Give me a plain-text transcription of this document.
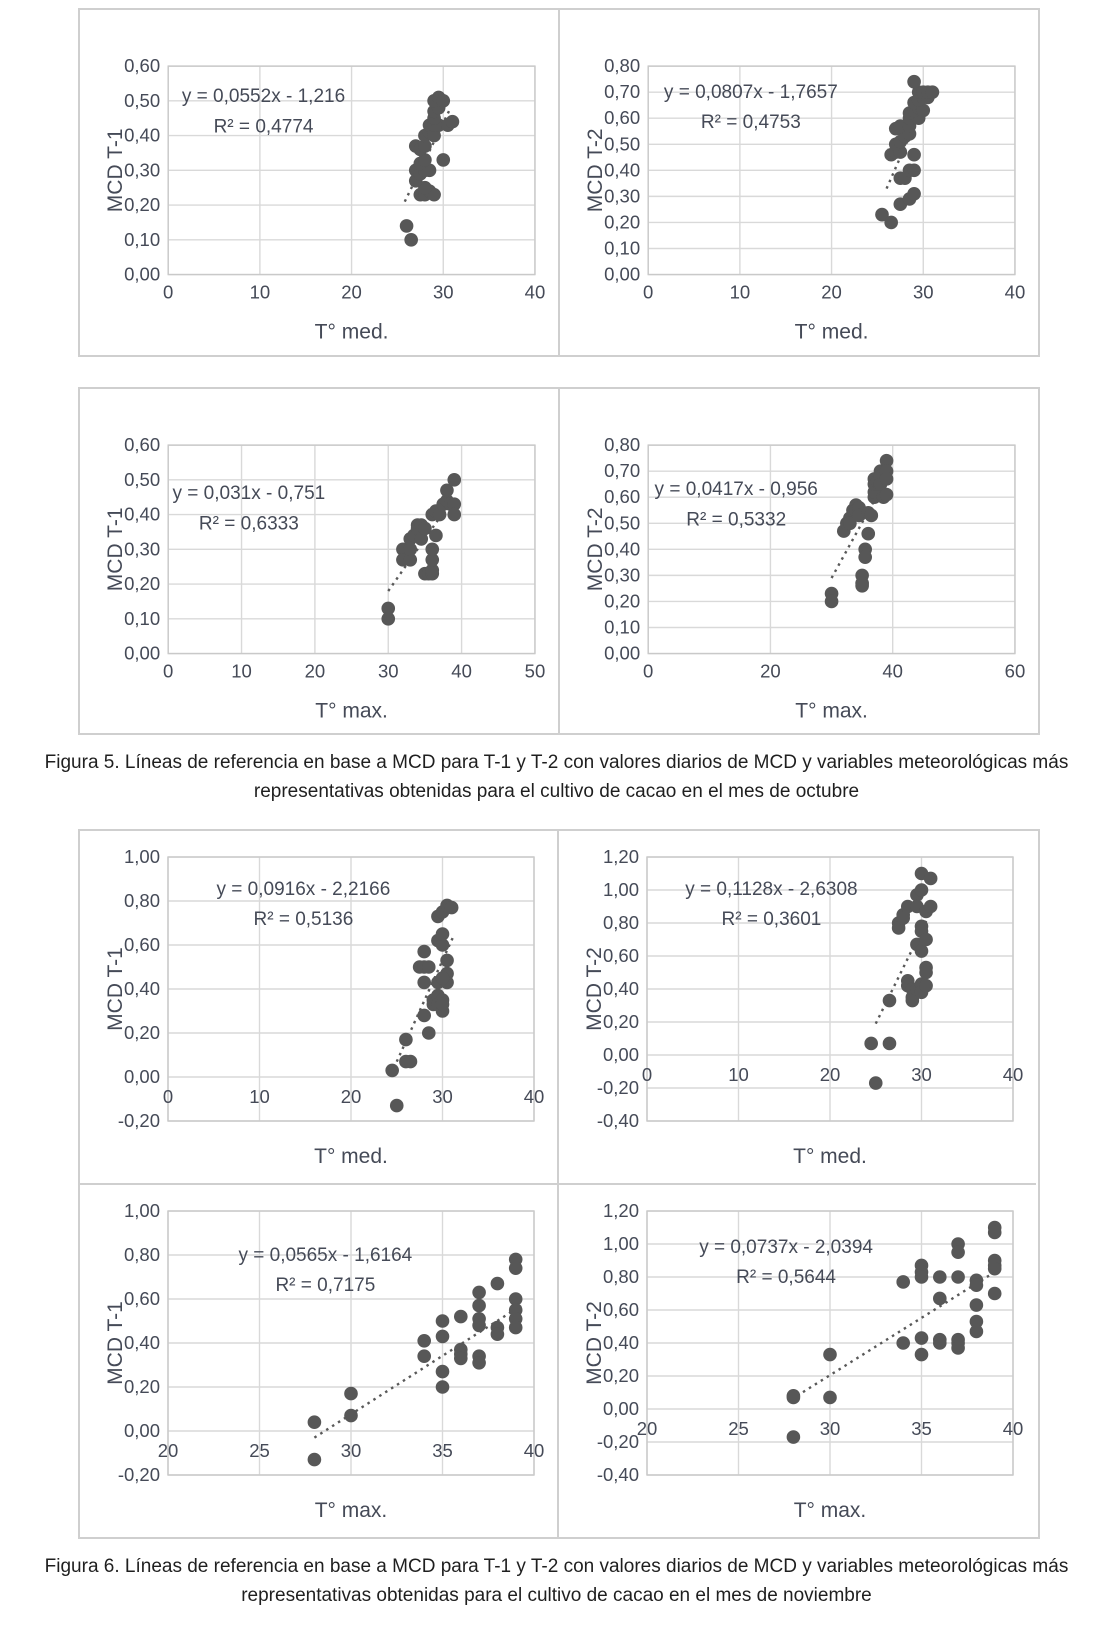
0,00
0,10
0,20
0,30
0,40
0,50
0,60
0	10	20	30	40
MCD T-1
T° med.
y = 0,0552x - 1,216
R² = 0,4774
0,00
0,10
0,20
0,30
0,40
0,50
0,60
0,70
0,80
0	10	20	30	40
MCD T-2
T° med.
y = 0,0807x - 1,7657
R² = 0,4753
0,00
0,10
0,20
0,30
0,40
0,50
0,60
0	10	20	30	40	50
MCD T-1
T° max.
y = 0,031x - 0,751
R² = 0,6333
0,00
0,10
0,20
0,30
0,40
0,50
0,60
0,70
0,80
0	20	40	60
MCD T-2
T° max.
y = 0,0417x - 0,956
R² = 0,5332

Figura 5. Líneas de referencia en base a MCD para T-1 y T-2 con valores diarios de MCD y variables meteorológicas más
representativas obtenidas para el cultivo de cacao en el mes de octubre

-0,20
0,00
0,20
0,40
0,60
0,80
1,00
0	10	20	30	40
MCD T-1
T° med.
y = 0,0916x - 2,2166
R² = 0,5136
-0,40
-0,20
0,00
0,20
0,40
0,60
0,80
1,00
1,20
0	10	20	30	40
MCD T-2
T° med.
y = 0,1128x - 2,6308
R² = 0,3601
-0,20
0,00
0,20
0,40
0,60
0,80
1,00
20	25	30	35	40
MCD T-1
T° max.
y = 0,0565x - 1,6164
R² = 0,7175
-0,40
-0,20
0,00
0,20
0,40
0,60
0,80
1,00
1,20
20	25	30	35	40
MCD T-2
T° max.
y = 0,0737x - 2,0394
R² = 0,5644

Figura 6. Líneas de referencia en base a MCD para T-1 y T-2 con valores diarios de MCD y variables meteorológicas más
representativas obtenidas para el cultivo de cacao en el mes de noviembre
